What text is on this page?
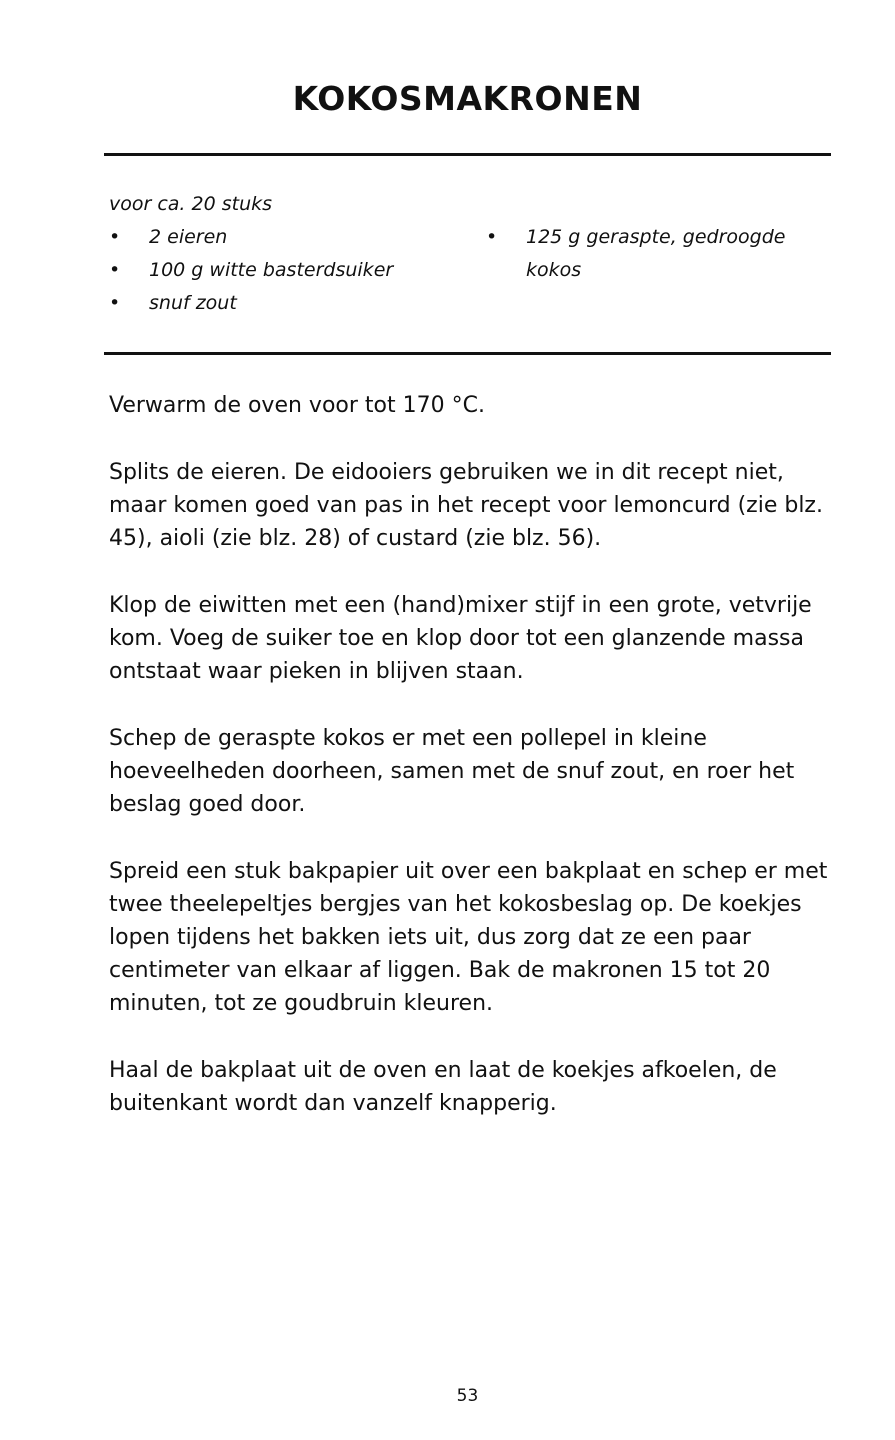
KOKOSMAKRONEN
voor ca. 20 stuks
• 2 eieren
• 100 g witte basterdsuiker
• snuf zout
• 125 g geraspte, gedroogde kokos

Verwarm de oven voor tot 170 °C.

Splits de eieren. De eidooiers gebruiken we in dit recept niet, maar komen goed van pas in het recept voor lemoncurd (zie blz. 45), aioli (zie blz. 28) of custard (zie blz. 56).

Klop de eiwitten met een (hand)mixer stijf in een grote, vetvrije kom. Voeg de suiker toe en klop door tot een glanzende massa ontstaat waar pieken in blijven staan.

Schep de geraspte kokos er met een pollepel in kleine hoeveelheden doorheen, samen met de snuf zout, en roer het beslag goed door.

Spreid een stuk bakpapier uit over een bakplaat en schep er met twee theelepeltjes bergjes van het kokosbeslag op. De koekjes lopen tijdens het bakken iets uit, dus zorg dat ze een paar centimeter van elkaar af liggen. Bak de makronen 15 tot 20 minuten, tot ze goudbruin kleuren.

Haal de bakplaat uit de oven en laat de koekjes afkoelen, de buitenkant wordt dan vanzelf knapperig.

53
